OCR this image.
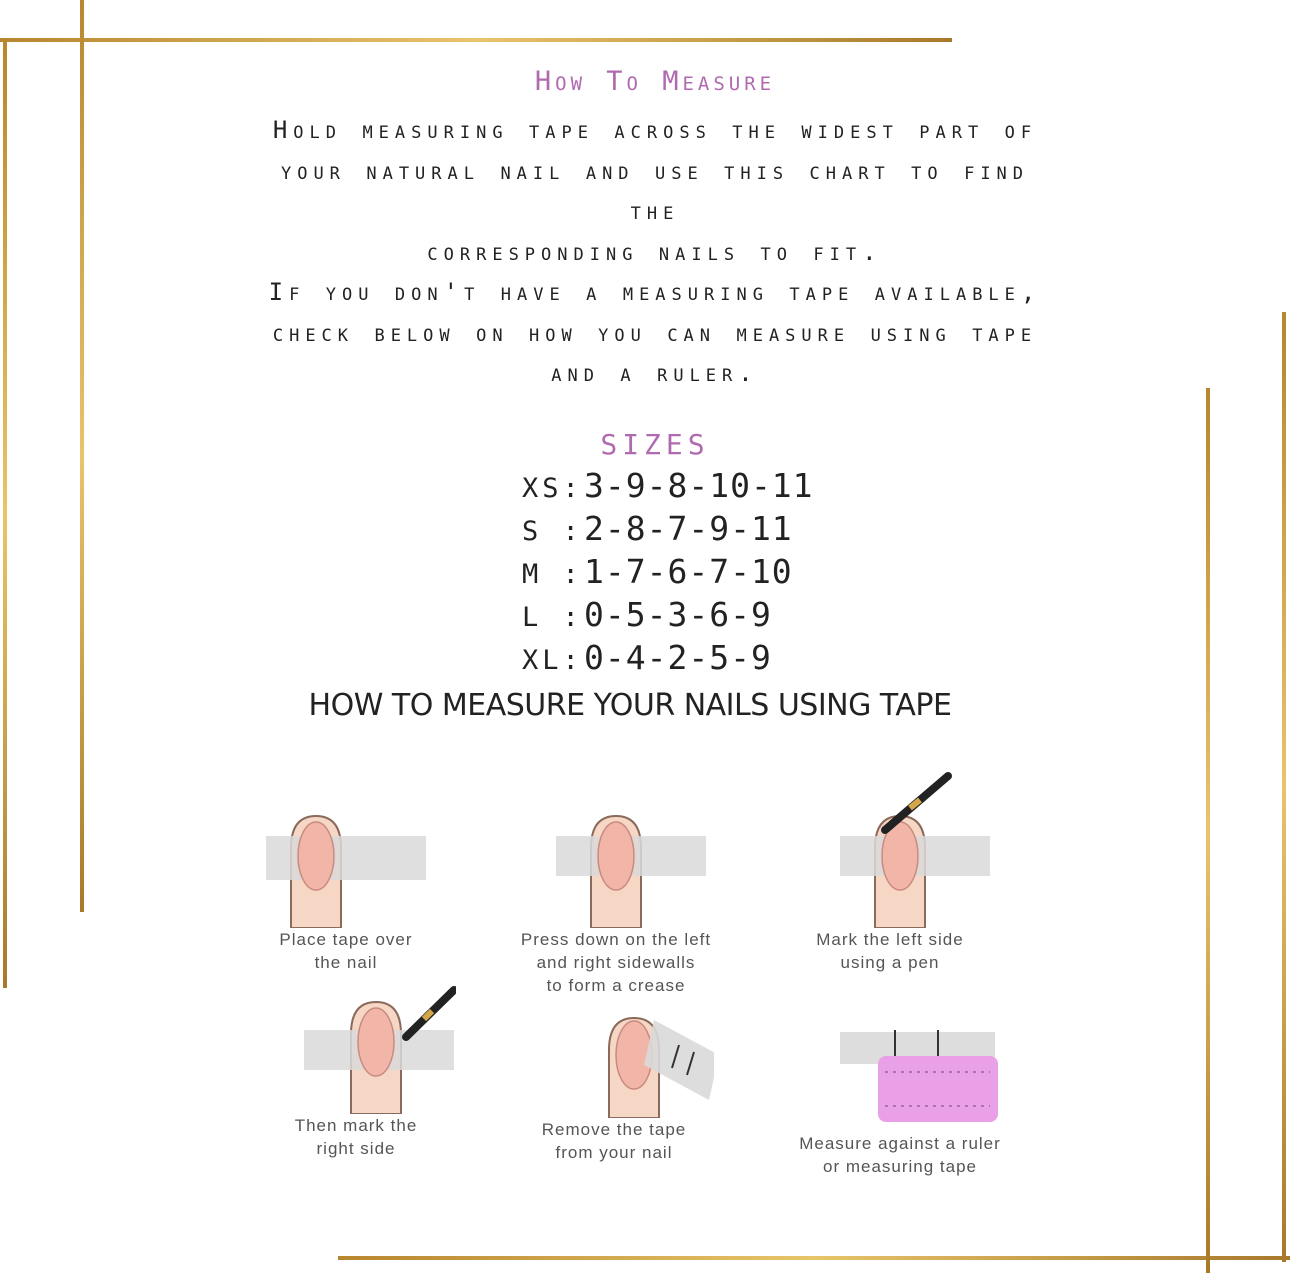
How To Measure
Hold measuring tape across the widest part of
your natural nail and use this chart to find
the
corresponding nails to fit.
If you don't have a measuring tape available,
check below on how you can measure using tape
and a ruler.
SIZES
XS:3-9-8-10-11
S :2-8-7-9-11
M :1-7-6-7-10
L :0-5-3-6-9
XL:0-4-2-5-9
HOW TO MEASURE YOUR NAILS USING TAPE
Place tape over
the nail
Press down on the left
and right sidewalls
to form a crease
Mark the left side
using a pen
Then mark the
right side
Remove the tape
from your nail	Measure against a ruler
or measuring tape
